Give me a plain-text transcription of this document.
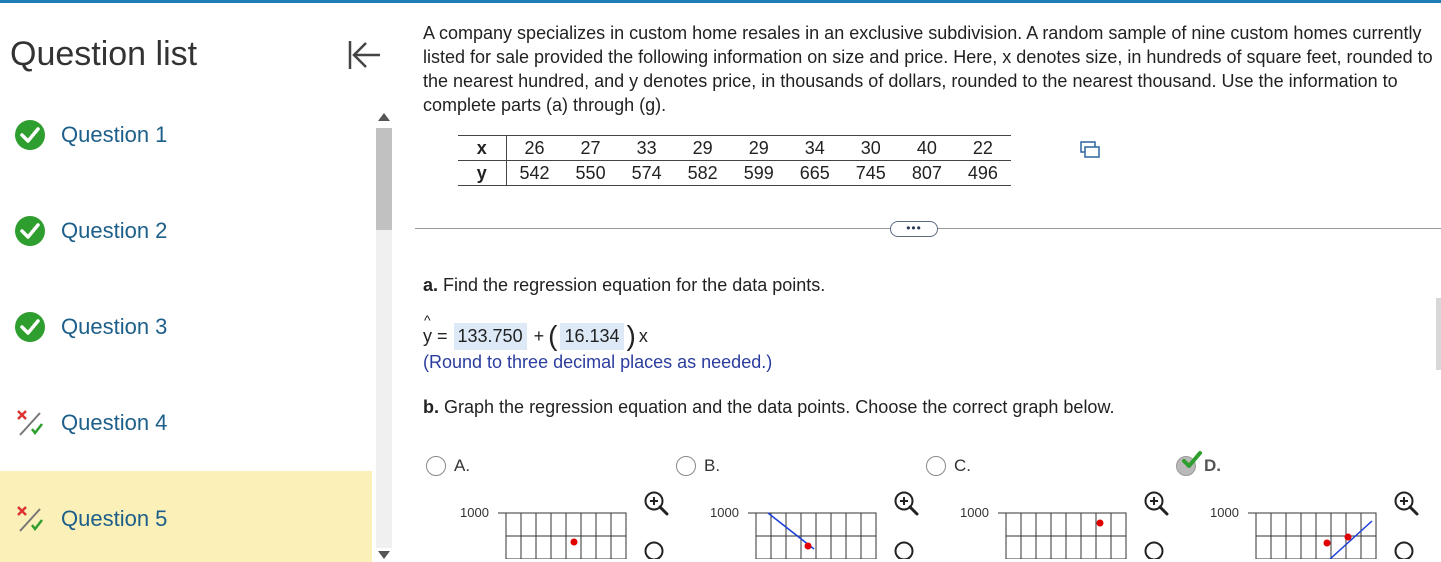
Question list
Question 1
Question 2
Question 3
Question 4
Question 5
A company specializes in custom home resales in an exclusive subdivision. A random sample of nine custom homes currently listed for sale provided the following information on size and price. Here, x denotes size, in hundreds of square feet, rounded to the nearest hundred, and y denotes price, in thousands of dollars, rounded to the nearest thousand. Use the information to complete parts (a) through (g).
x	26	27	33	29	29	34	30	40	22
y	542	550	574	582	599	665	745	807	496
•••
a. Find the regression equation for the data points.
^
y = 133.750 + ( 16.134 ) x
(Round to three decimal places as needed.)
b. Graph the regression equation and the data points. Choose the correct graph below.
A.	B.	C.	D.
1000	1000	1000	1000
